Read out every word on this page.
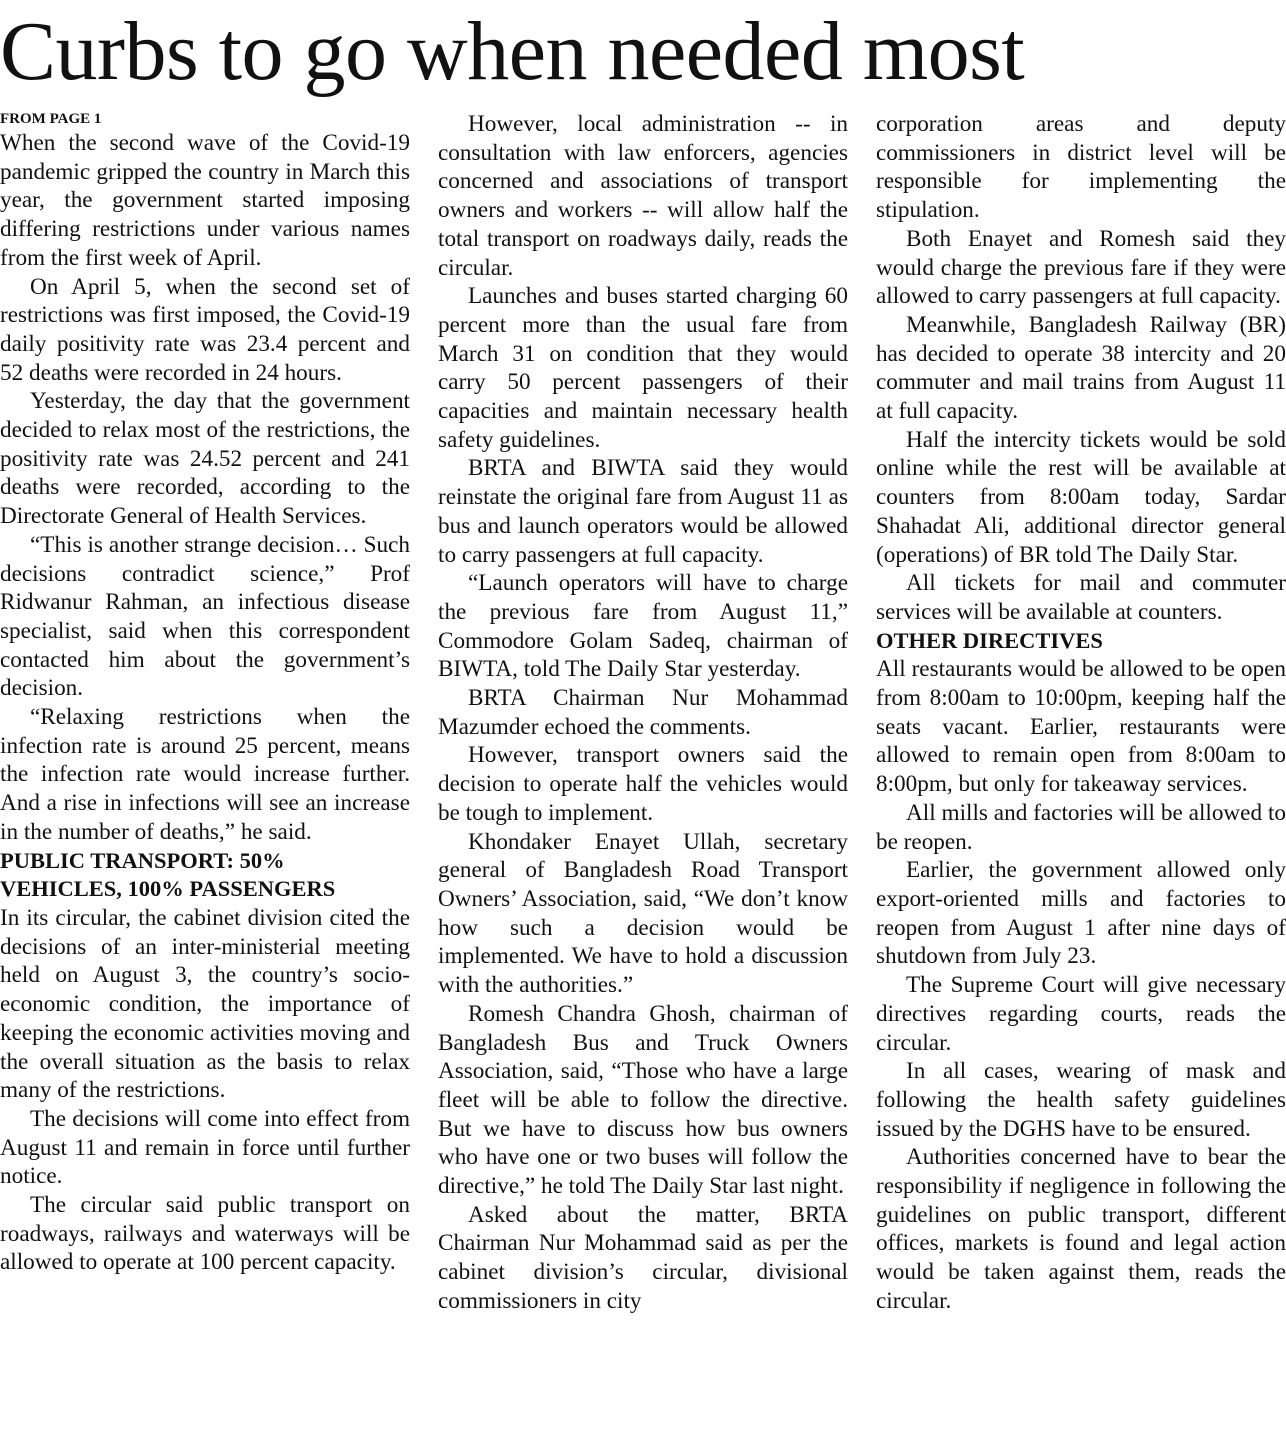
Curbs to go when needed most
FROM PAGE 1

When the second wave of the Covid-19 pandemic gripped the country in March this year, the government started imposing differing restrictions under various names from the first week of April.

On April 5, when the second set of restrictions was first imposed, the Covid-19 daily positivity rate was 23.4 percent and 52 deaths were recorded in 24 hours.

Yesterday, the day that the government decided to relax most of the restrictions, the positivity rate was 24.52 percent and 241 deaths were recorded, according to the Directorate General of Health Services.

“This is another strange decision… Such decisions contradict science,” Prof Ridwanur Rahman, an infectious disease specialist, said when this correspondent contacted him about the government’s decision.

“Relaxing restrictions when the infection rate is around 25 percent, means the infection rate would increase further. And a rise in infections will see an increase in the number of deaths,” he said.

PUBLIC TRANSPORT: 50%
VEHICLES, 100% PASSENGERS

In its circular, the cabinet division cited the decisions of an inter-ministerial meeting held on August 3, the country’s socio-economic condition, the importance of keeping the economic activities moving and the overall situation as the basis to relax many of the restrictions.

The decisions will come into effect from August 11 and remain in force until further notice.

The circular said public transport on roadways, railways and waterways will be allowed to operate at 100 percent capacity.

However, local administration -- in consultation with law enforcers, agencies concerned and associations of transport owners and workers -- will allow half the total transport on roadways daily, reads the circular.

Launches and buses started charging 60 percent more than the usual fare from March 31 on condition that they would carry 50 percent passengers of their capacities and maintain necessary health safety guidelines.

BRTA and BIWTA said they would reinstate the original fare from August 11 as bus and launch operators would be allowed to carry passengers at full capacity.

“Launch operators will have to charge the previous fare from August 11,” Commodore Golam Sadeq, chairman of BIWTA, told The Daily Star yesterday.

BRTA Chairman Nur Mohammad Mazumder echoed the comments.

However, transport owners said the decision to operate half the vehicles would be tough to implement.

Khondaker Enayet Ullah, secretary general of Bangladesh Road Transport Owners’ Association, said, “We don’t know how such a decision would be implemented. We have to hold a discussion with the authorities.”

Romesh Chandra Ghosh, chairman of Bangladesh Bus and Truck Owners Association, said, “Those who have a large fleet will be able to follow the directive. But we have to discuss how bus owners who have one or two buses will follow the directive,” he told The Daily Star last night.

Asked about the matter, BRTA Chairman Nur Mohammad said as per the cabinet division’s circular, divisional commissioners in city

corporation areas and deputy commissioners in district level will be responsible for implementing the stipulation.

Both Enayet and Romesh said they would charge the previous fare if they were allowed to carry passengers at full capacity.

Meanwhile, Bangladesh Railway (BR) has decided to operate 38 intercity and 20 commuter and mail trains from August 11 at full capacity.

Half the intercity tickets would be sold online while the rest will be available at counters from 8:00am today, Sardar Shahadat Ali, additional director general (operations) of BR told The Daily Star.

All tickets for mail and commuter services will be available at counters.

OTHER DIRECTIVES

All restaurants would be allowed to be open from 8:00am to 10:00pm, keeping half the seats vacant. Earlier, restaurants were allowed to remain open from 8:00am to 8:00pm, but only for takeaway services.

All mills and factories will be allowed to be reopen.

Earlier, the government allowed only export-oriented mills and factories to reopen from August 1 after nine days of shutdown from July 23.

The Supreme Court will give necessary directives regarding courts, reads the circular.

In all cases, wearing of mask and following the health safety guidelines issued by the DGHS have to be ensured.

Authorities concerned have to bear the responsibility if negligence in following the guidelines on public transport, different offices, markets is found and legal action would be taken against them, reads the circular.
